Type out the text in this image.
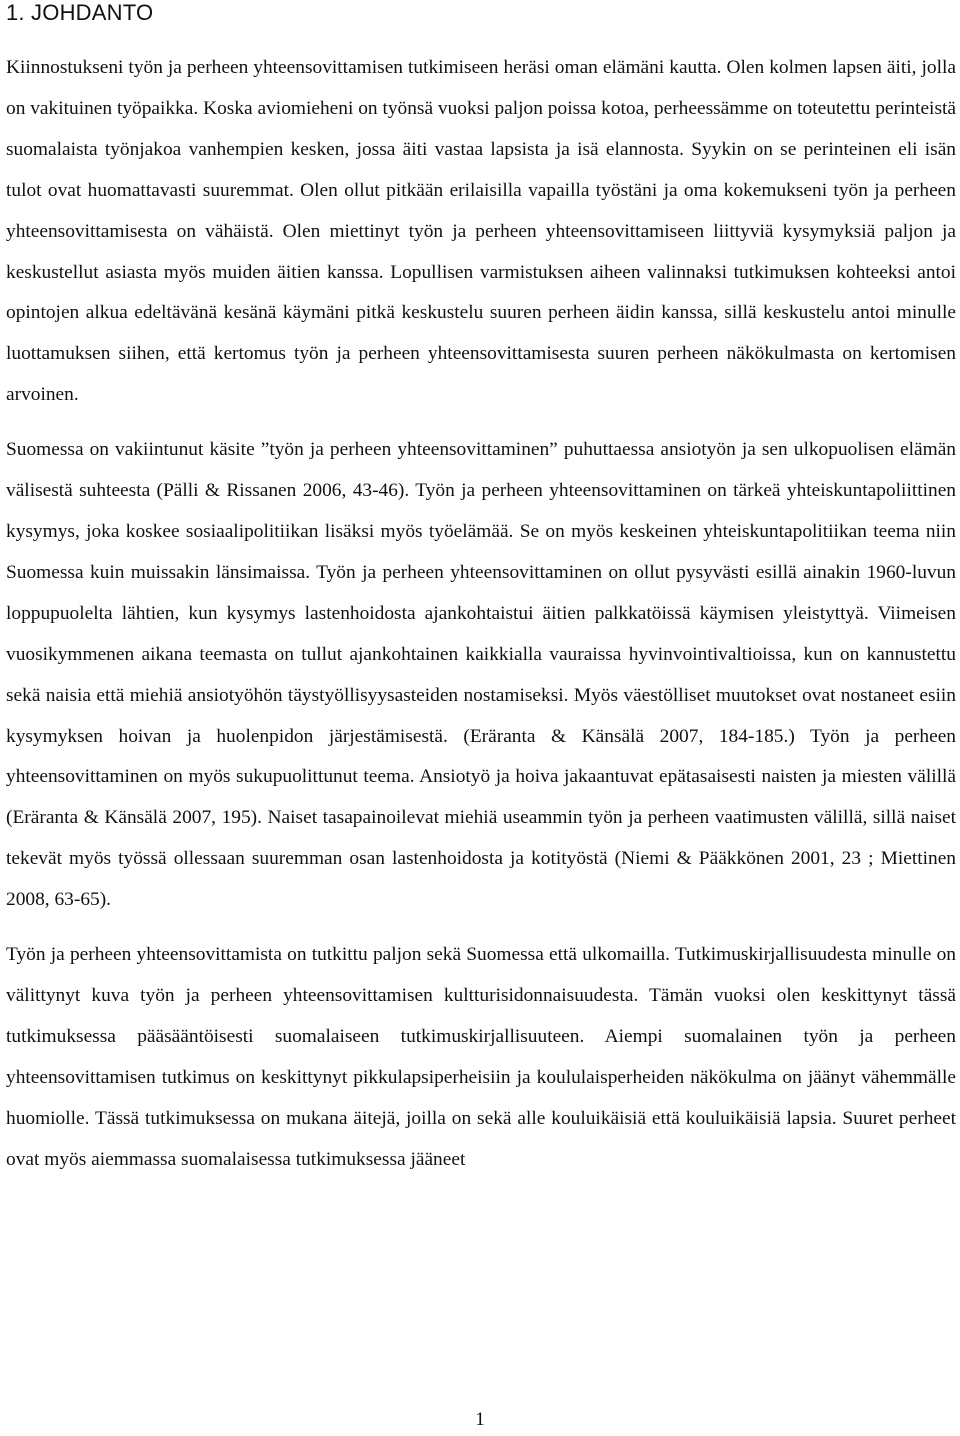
1. JOHDANTO

Kiinnostukseni työn ja perheen yhteensovittamisen tutkimiseen heräsi oman elämäni kautta. Olen kolmen lapsen äiti, jolla on vakituinen työpaikka. Koska aviomieheni on työnsä vuoksi paljon poissa kotoa, perheessämme on toteutettu perinteistä suomalaista työnjakoa vanhempien kesken, jossa äiti vastaa lapsista ja isä elannosta. Syykin on se perinteinen eli isän tulot ovat huomattavasti suuremmat. Olen ollut pitkään erilaisilla vapailla työstäni ja oma kokemukseni työn ja perheen yhteensovittamisesta on vähäistä. Olen miettinyt työn ja perheen yhteensovittamiseen liittyviä kysymyksiä paljon ja keskustellut asiasta myös muiden äitien kanssa. Lopullisen varmistuksen aiheen valinnaksi tutkimuksen kohteeksi antoi opintojen alkua edeltävänä kesänä käymäni pitkä keskustelu suuren perheen äidin kanssa, sillä keskustelu antoi minulle luottamuksen siihen, että kertomus työn ja perheen yhteensovittamisesta suuren perheen näkökulmasta on kertomisen arvoinen.

Suomessa on vakiintunut käsite ”työn ja perheen yhteensovittaminen” puhuttaessa ansiotyön ja sen ulkopuolisen elämän välisestä suhteesta (Pälli & Rissanen 2006, 43-46). Työn ja perheen yhteensovittaminen on tärkeä yhteiskuntapoliittinen kysymys, joka koskee sosiaalipolitiikan lisäksi myös työelämää. Se on myös keskeinen yhteiskuntapolitiikan teema niin Suomessa kuin muissakin länsimaissa. Työn ja perheen yhteensovittaminen on ollut pysyvästi esillä ainakin 1960-luvun loppupuolelta lähtien, kun kysymys lastenhoidosta ajankohtaistui äitien palkkatöissä käymisen yleistyttyä. Viimeisen vuosikymmenen aikana teemasta on tullut ajankohtainen kaikkialla vauraissa hyvinvointivaltioissa, kun on kannustettu sekä naisia että miehiä ansiotyöhön täystyöllisyysasteiden nostamiseksi. Myös väestölliset muutokset ovat nostaneet esiin kysymyksen hoivan ja huolenpidon järjestämisestä. (Eräranta & Känsälä 2007, 184-185.) Työn ja perheen yhteensovittaminen on myös sukupuolittunut teema. Ansiotyö ja hoiva jakaantuvat epätasaisesti naisten ja miesten välillä (Eräranta & Känsälä 2007, 195). Naiset tasapainoilevat miehiä useammin työn ja perheen vaatimusten välillä, sillä naiset tekevät myös työssä ollessaan suuremman osan lastenhoidosta ja kotityöstä (Niemi & Pääkkönen 2001, 23 ; Miettinen 2008, 63-65).

Työn ja perheen yhteensovittamista on tutkittu paljon sekä Suomessa että ulkomailla. Tutkimuskirjallisuudesta minulle on välittynyt kuva työn ja perheen yhteensovittamisen kultturisidonnaisuudesta. Tämän vuoksi olen keskittynyt tässä tutkimuksessa pääsääntöisesti suomalaiseen tutkimuskirjallisuuteen. Aiempi suomalainen työn ja perheen yhteensovittamisen tutkimus on keskittynyt pikkulapsiperheisiin ja koululaisperheiden näkökulma on jäänyt vähemmälle huomiolle. Tässä tutkimuksessa on mukana äitejä, joilla on sekä alle kouluikäisiä että kouluikäisiä lapsia. Suuret perheet ovat myös aiemmassa suomalaisessa tutkimuksessa jääneet

1
